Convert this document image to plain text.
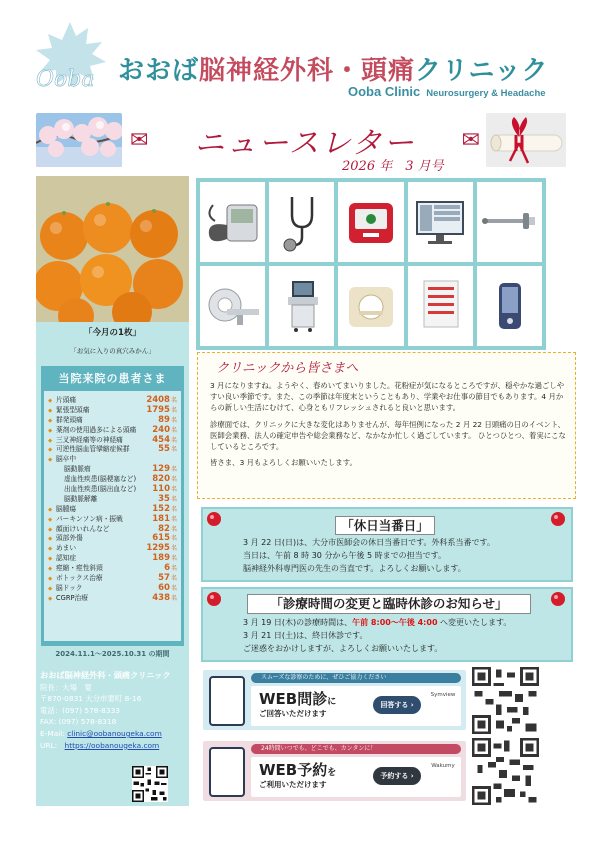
Ooba おおば脳神経外科・頭痛クリニック
Ooba Clinic Neurosurgery & Headache
✉ ニュースレター ✉
2026 年　3 月号
「今月の1枚」
「お気に入りの真穴みかん」
当院来院の患者さま
◆ 片頭痛	2408 名
◆ 緊張型頭痛	1795 名
◆ 群発頭痛	89 名
◆ 薬剤の使用過多による頭痛	240 名
◆ 三叉神経痛等の神経痛	454 名
◆ 可逆性脳血管攣縮症候群	55 名
◆ 脳卒中
脳動脈瘤	129 名
虚血性疾患(脳梗塞など)	820 名
出血性疾患(脳出血など)	110 名
脳動脈解離	35 名
◆ 脳腫瘍	152 名
◆ パーキンソン病・振戦	181 名
◆ 顔面けいれんなど	82 名
◆ 頭部外傷	615 名
◆ めまい	1295 名
◆ 認知症	189 名
◆ 痙縮・痙性斜頸	6 名
◆ ボトックス治療	57 名
◆ 脳ドック	60 名
◆ CGRP治療	438 名
2024.11.1～2025.10.31 の期間
おおば脳神経外科・頭痛クリニック
院長：大場　寛
〒870-0831 大分市要町 8-16
電話：(097) 578-8333
FAX: (097) 578-8318
E-Mail: clinic@oobanougeka.com
URL:　https://oobanougeka.com
クリニックから皆さまへ

3 月になりますね。ようやく、春めいてまいりました。花粉症が気になるところですが、穏やかな過ごしやすい良い季節です。また、この季節は年度末ということもあり、学業やお仕事の節目でもあります。4 月からの新しい生活にむけて、心身ともリフレッシュされると良いと思います。

診療面では、クリニックに大きな変化はありませんが、毎年恒例になった 2 月 22 日頭痛の日のイベント、医師会業務、法人の確定申告や総会業務など、なかなか忙しく過ごしています。 ひとつひとつ、着実にこなしているところです。

皆さま、3 月もよろしくお願いいたします。

「休日当番日」
3 月 22 日(日)は、大分市医師会の休日当番日です。外科系当番です。
当日は、午前 8 時 30 分から午後 5 時までの担当です。
脳神経外科専門医の先生の当直です。よろしくお願いします。
「診療時間の変更と臨時休診のお知らせ」
3 月 19 日(木)の診療時間は、午前 8:00～午後 4:00 へ変更いたします。
3 月 21 日(土)は、終日休診です。
ご迷惑をおかけしますが、よろしくお願いいたします。
スムーズな診察のために、ぜひご協力ください
WEB問診に
ご回答いただけます
回答する ›
Symview
24時間いつでも、どこでも、カンタンに！
WEB予約を
ご利用いただけます
予約する ›
Wakumy
